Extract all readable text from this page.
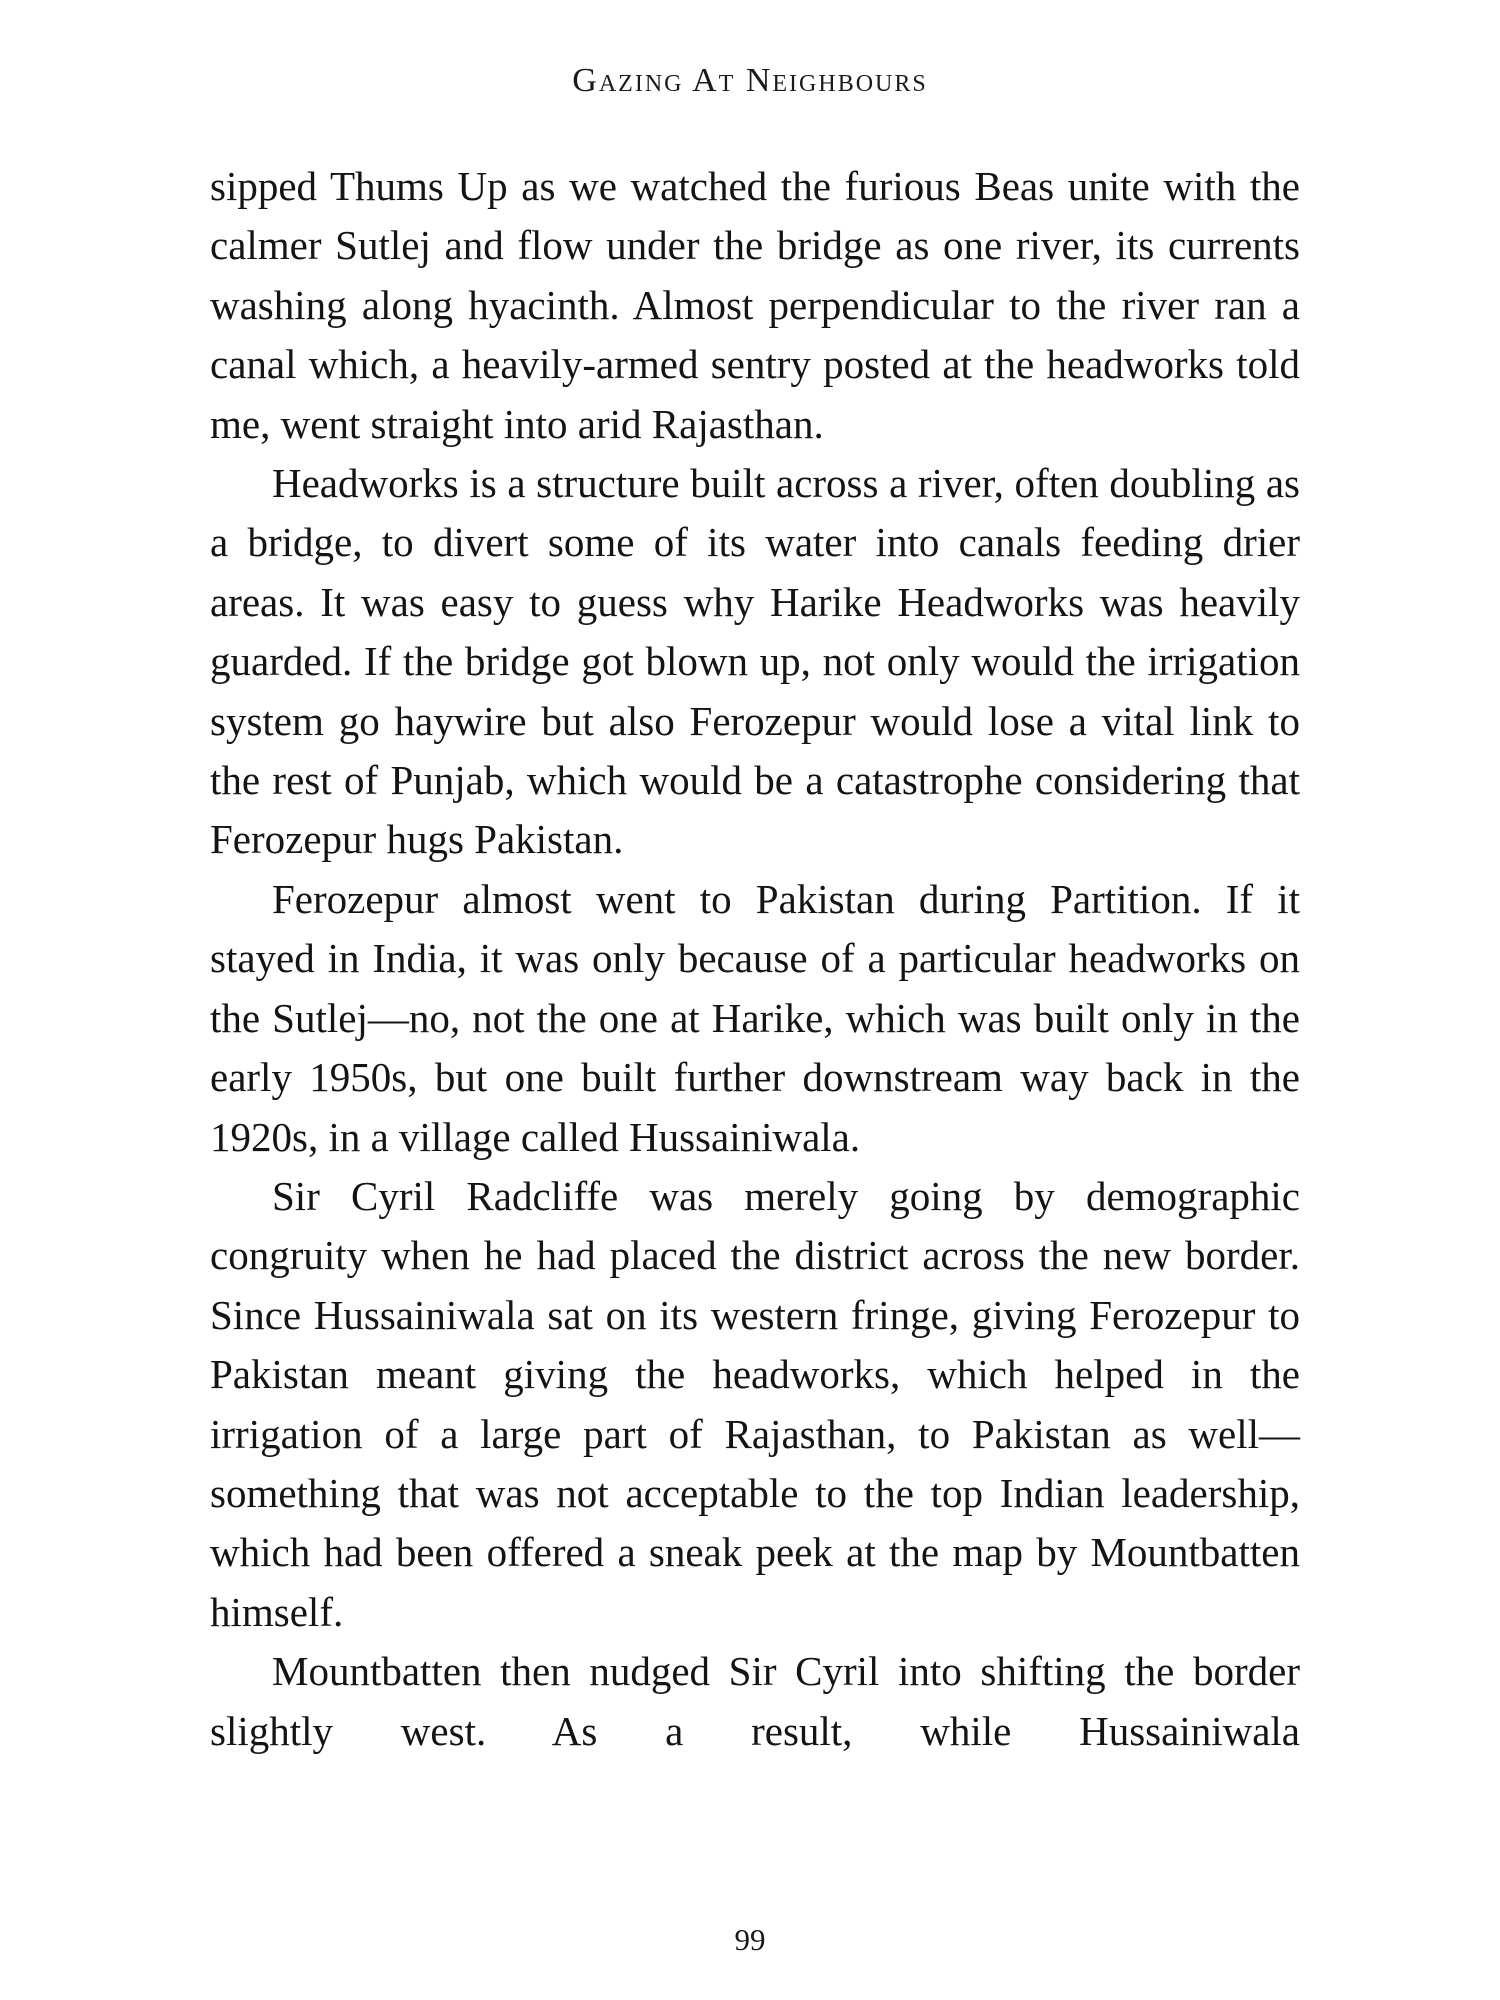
Gazing At Neighbours

sipped Thums Up as we watched the furious Beas unite with the calmer Sutlej and flow under the bridge as one river, its currents washing along hyacinth. Almost perpendicular to the river ran a canal which, a heavily-armed sentry posted at the headworks told me, went straight into arid Rajasthan.

Headworks is a structure built across a river, often doubling as a bridge, to divert some of its water into canals feeding drier areas. It was easy to guess why Harike Headworks was heavily guarded. If the bridge got blown up, not only would the irrigation system go haywire but also Ferozepur would lose a vital link to the rest of Punjab, which would be a catastrophe considering that Ferozepur hugs Pakistan.

Ferozepur almost went to Pakistan during Partition. If it stayed in India, it was only because of a particular headworks on the Sutlej—no, not the one at Harike, which was built only in the early 1950s, but one built further downstream way back in the 1920s, in a village called Hussainiwala.

Sir Cyril Radcliffe was merely going by demographic congruity when he had placed the district across the new border. Since Hussainiwala sat on its western fringe, giving Ferozepur to Pakistan meant giving the headworks, which helped in the irrigation of a large part of Rajasthan, to Pakistan as well—something that was not acceptable to the top Indian leadership, which had been offered a sneak peek at the map by Mountbatten himself.

Mountbatten then nudged Sir Cyril into shifting the border slightly west. As a result, while Hussainiwala

99
